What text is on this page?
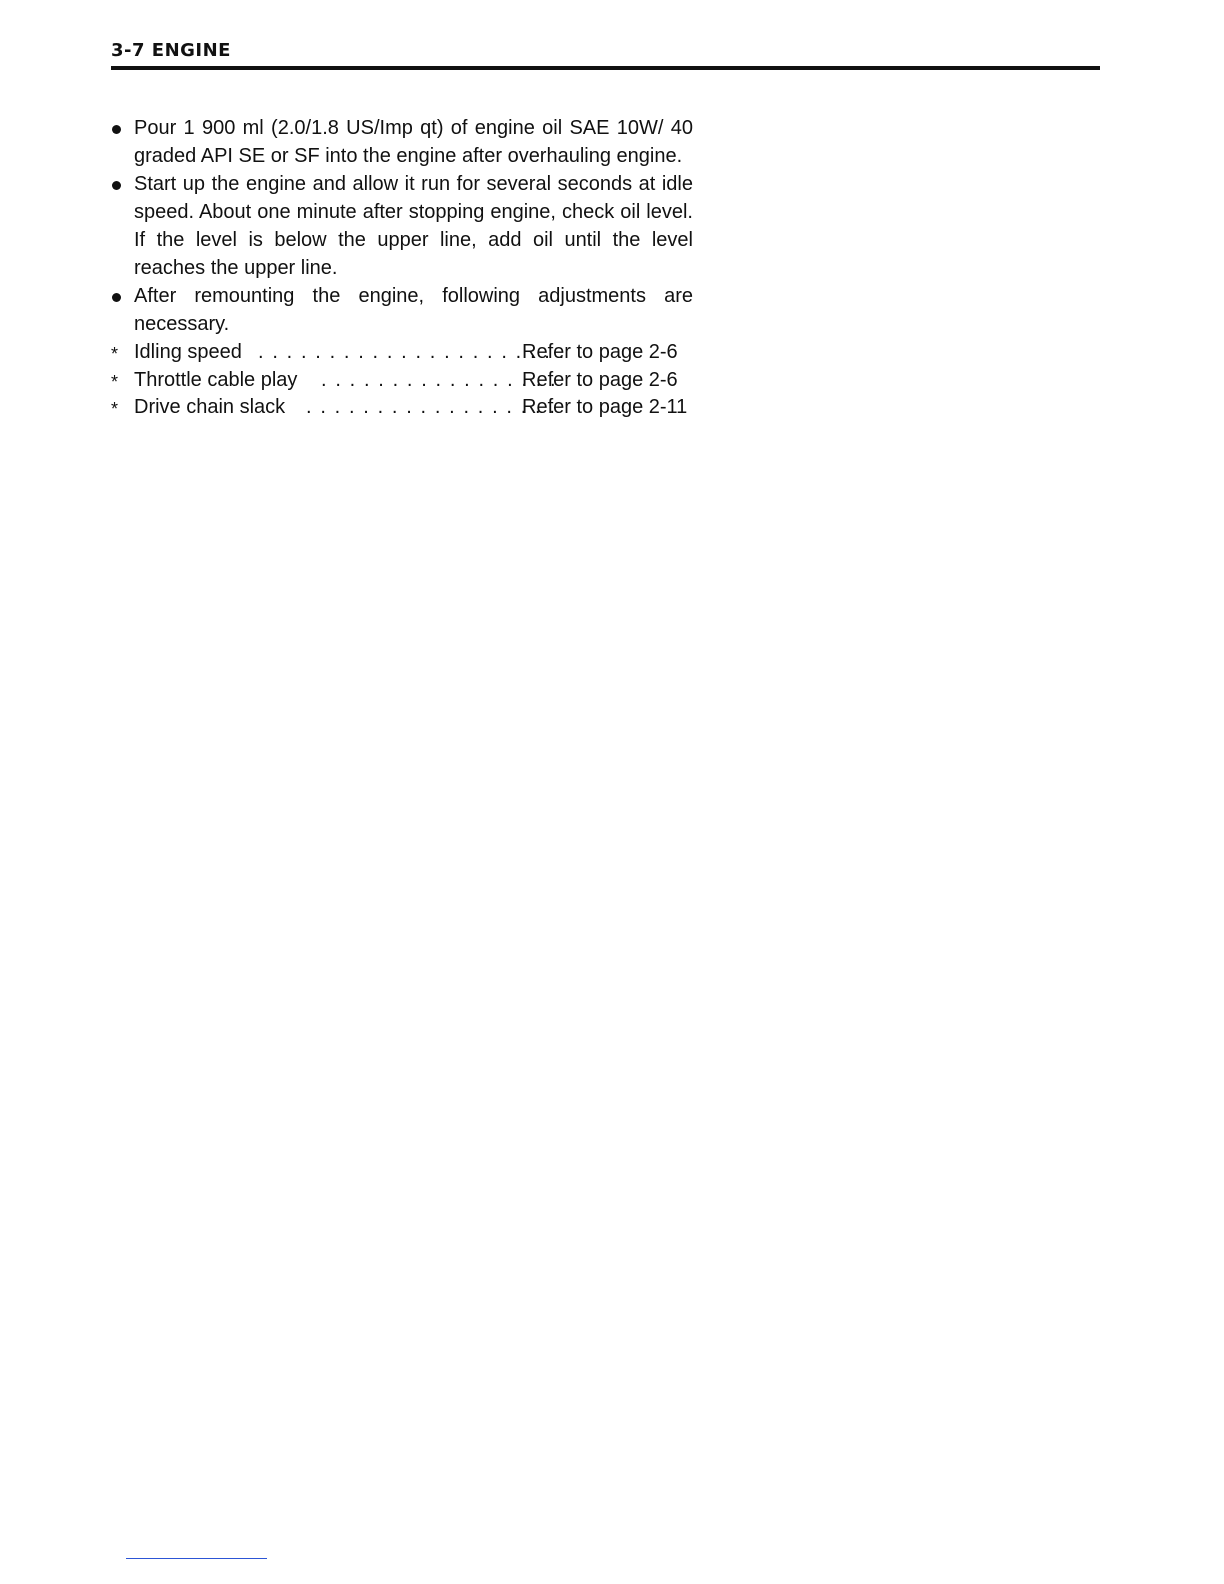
3-7 ENGINE
Pour 1 900 ml (2.0/1.8 US/Imp qt) of engine oil SAE 10W/ 40 graded API SE or SF into the engine after overhauling engine.
Start up the engine and allow it run for several seconds at idle speed. About one minute after stopping engine, check oil level. If the level is below the upper line, add oil until the level reaches the upper line.
After remounting the engine, following adjustments are necessary.
* Idling speed . . . . . . . . . . . . . . . . . . . . . .
Refer to page 2-6
* Throttle cable play . . . . . . . . . . . . . . . . .
Refer to page 2-6
* Drive chain slack . . . . . . . . . . . . . . . . . .
Refer to page 2-11
